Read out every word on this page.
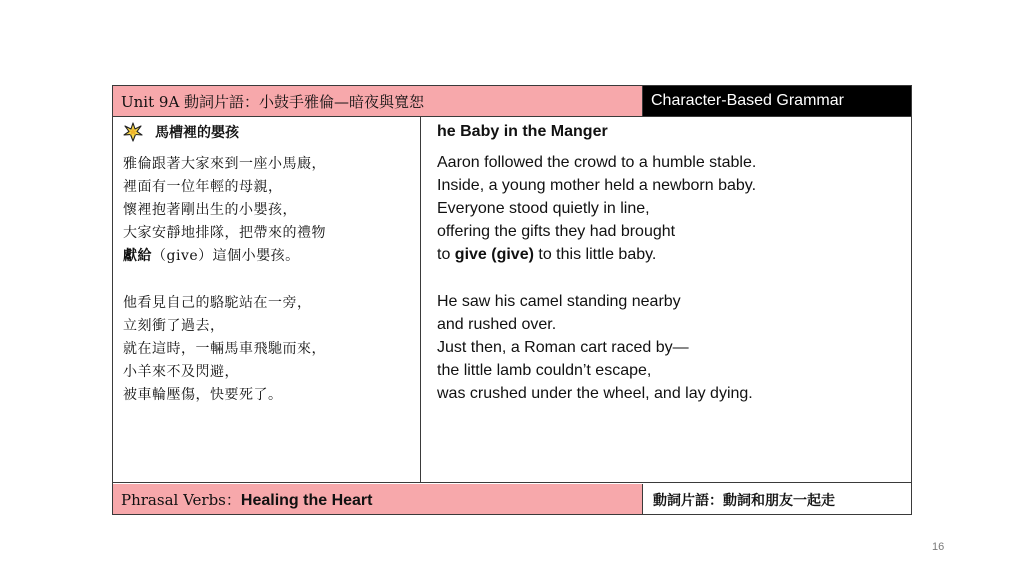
Unit 9A 動詞片語：小鼓手雅倫—暗夜與寬恕	Character-Based Grammar
馬槽裡的嬰孩
雅倫跟著大家來到一座小馬廄，
裡面有一位年輕的母親，
懷裡抱著剛出生的小嬰孩，
大家安靜地排隊，把帶來的禮物
獻給（give）這個小嬰孩。
他看見自己的駱駝站在一旁，
立刻衝了過去，
就在這時，一輛馬車飛馳而來，
小羊來不及閃避，
被車輪壓傷，快要死了。
he Baby in the Manger
Aaron followed the crowd to a humble stable.
Inside, a young mother held a newborn baby.
Everyone stood quietly in line,
offering the gifts they had brought
to give (give) to this little baby.
He saw his camel standing nearby
and rushed over.
Just then, a Roman cart raced by—
the little lamb couldn’t escape,
was crushed under the wheel, and lay dying.
Phrasal Verbs：Healing the Heart	動詞片語：動詞和朋友一起走
16
